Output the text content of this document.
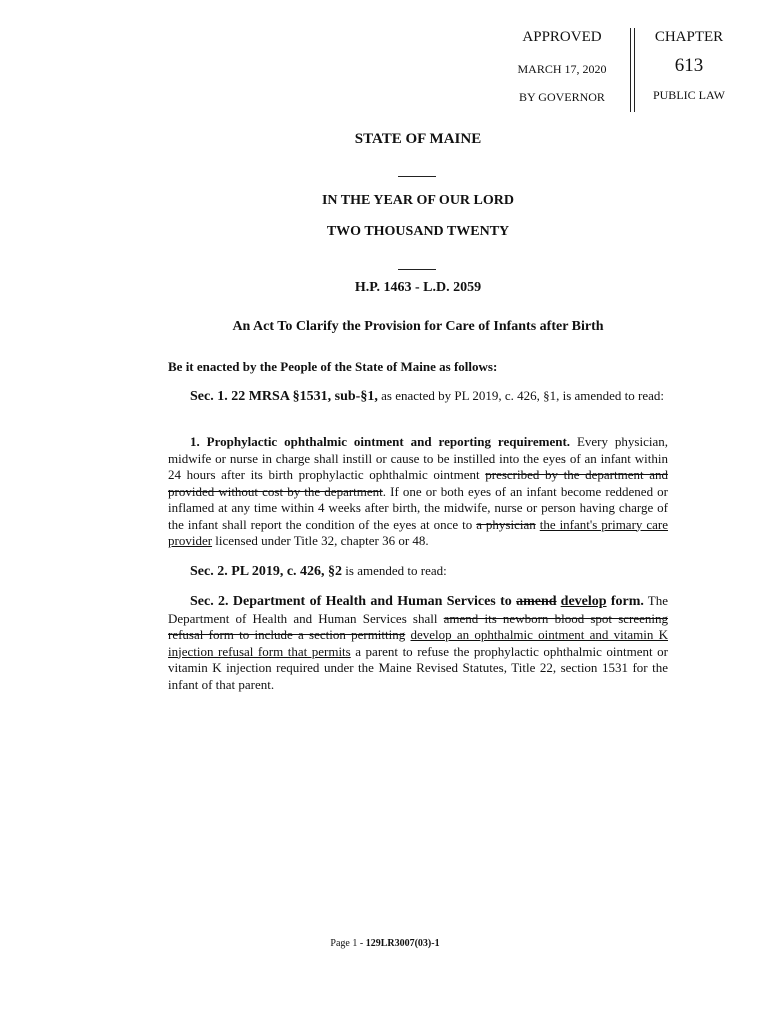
APPROVED
MARCH 17, 2020
BY GOVERNOR
CHAPTER
613
PUBLIC LAW
STATE OF MAINE
IN THE YEAR OF OUR LORD
TWO THOUSAND TWENTY
H.P. 1463 - L.D. 2059
An Act To Clarify the Provision for Care of Infants after Birth
Be it enacted by the People of the State of Maine as follows:
Sec. 1. 22 MRSA §1531, sub-§1, as enacted by PL 2019, c. 426, §1, is amended to read:
1. Prophylactic ophthalmic ointment and reporting requirement. Every physician, midwife or nurse in charge shall instill or cause to be instilled into the eyes of an infant within 24 hours after its birth prophylactic ophthalmic ointment prescribed by the department and provided without cost by the department. If one or both eyes of an infant become reddened or inflamed at any time within 4 weeks after birth, the midwife, nurse or person having charge of the infant shall report the condition of the eyes at once to a physician the infant's primary care provider licensed under Title 32, chapter 36 or 48.
Sec. 2. PL 2019, c. 426, §2 is amended to read:
Sec. 2. Department of Health and Human Services to amend develop form. The Department of Health and Human Services shall amend its newborn blood spot screening refusal form to include a section permitting develop an ophthalmic ointment and vitamin K injection refusal form that permits a parent to refuse the prophylactic ophthalmic ointment or vitamin K injection required under the Maine Revised Statutes, Title 22, section 1531 for the infant of that parent.
Page 1 - 129LR3007(03)-1
